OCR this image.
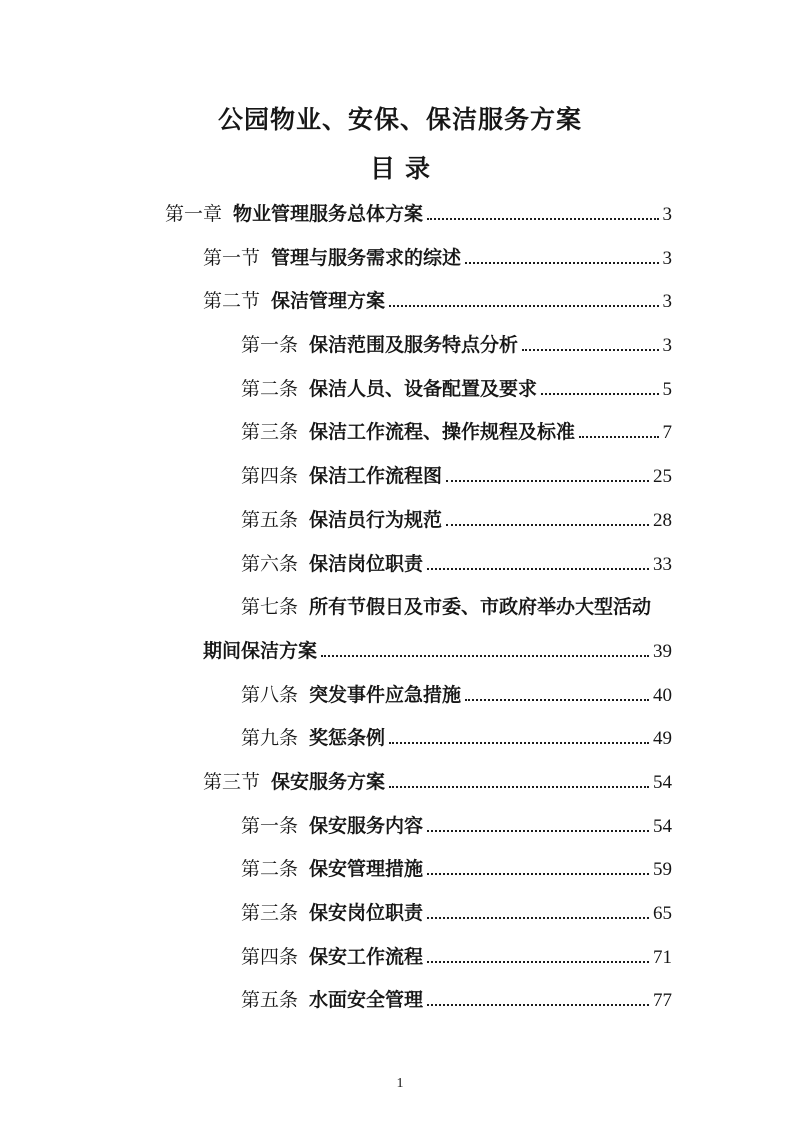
公园物业、安保、保洁服务方案
目录
第一章 物业管理服务总体方案	3
第一节 管理与服务需求的综述	3
第二节 保洁管理方案	3
第一条 保洁范围及服务特点分析	3
第二条 保洁人员、设备配置及要求	5
第三条 保洁工作流程、操作规程及标准	7
第四条 保洁工作流程图	25
第五条 保洁员行为规范	28
第六条 保洁岗位职责	33
第七条 所有节假日及市委、市政府举办大型活动
期间保洁方案	39
第八条 突发事件应急措施	40
第九条 奖惩条例	49
第三节 保安服务方案	54
第一条 保安服务内容	54
第二条 保安管理措施	59
第三条 保安岗位职责	65
第四条 保安工作流程	71
第五条 水面安全管理	77
1
